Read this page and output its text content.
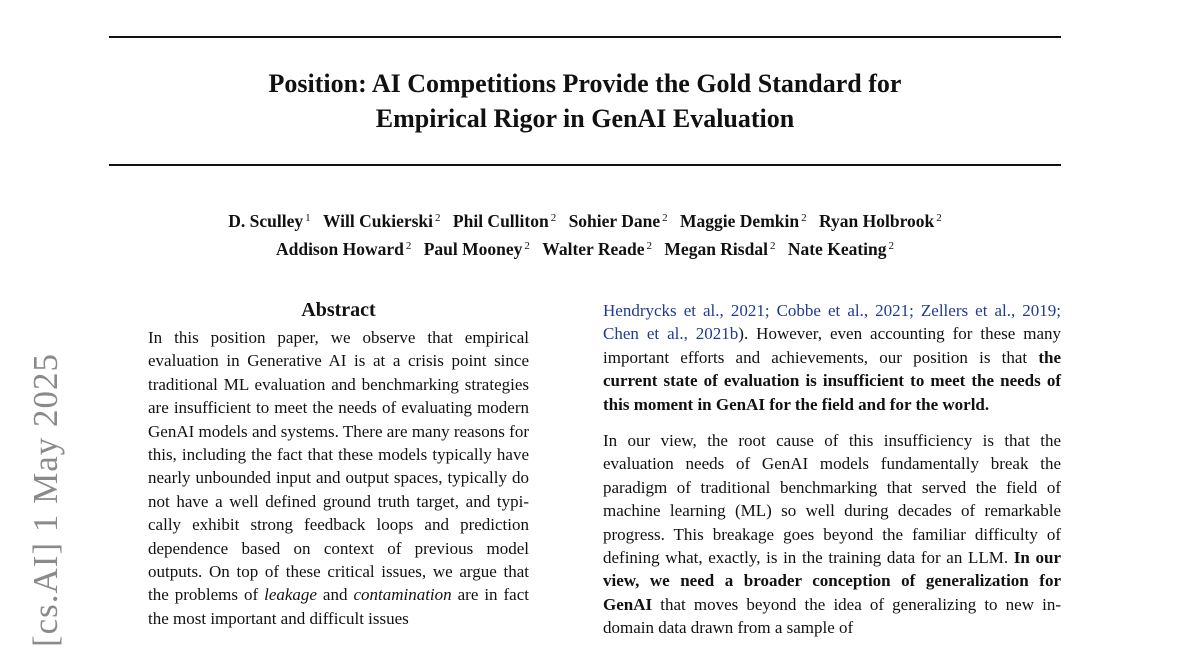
Position: AI Competitions Provide the Gold Standard for
Empirical Rigor in GenAI Evaluation
D. Sculley $^1$ Will Cukierski $^2$ Phil Culliton $^2$ Sohier Dane $^2$ Maggie Demkin $^2$ Ryan Holbrook $^2$
Addison Howard $^2$ Paul Mooney $^2$ Walter Reade $^2$ Megan Risdal $^2$ Nate Keating $^2$
[cs.AI] 1 May 2025
Abstract

In this position paper, we observe that empirical evaluation in Generative AI is at a crisis point since traditional ML evaluation and benchmarking strategies are insufficient to meet the needs of evaluating modern GenAI models and systems. There are many reasons for this, including the fact that these models typically have nearly unbounded input and output spaces, typically do not have a well defined ground truth target, and typically exhibit strong feedback loops and prediction dependence based on context of previous model outputs. On top of these critical issues, we argue that the problems of leakage and contamination are in fact the most important and difficult issues

Hendrycks et al., 2021; Cobbe et al., 2021; Zellers et al., 2019; Chen et al., 2021b). However, even accounting for these many important efforts and achievements, our position is that the current state of evaluation is insufficient to meet the needs of this moment in GenAI for the field and for the world.

In our view, the root cause of this insufficiency is that the evaluation needs of GenAI models fundamentally break the paradigm of traditional benchmarking that served the field of machine learning (ML) so well during decades of remarkable progress. This breakage goes beyond the familiar difficulty of defining what, exactly, is in the training data for an LLM. In our view, we need a broader conception of generalization for GenAI that moves beyond the idea of generalizing to new in-domain data drawn from a sample of
